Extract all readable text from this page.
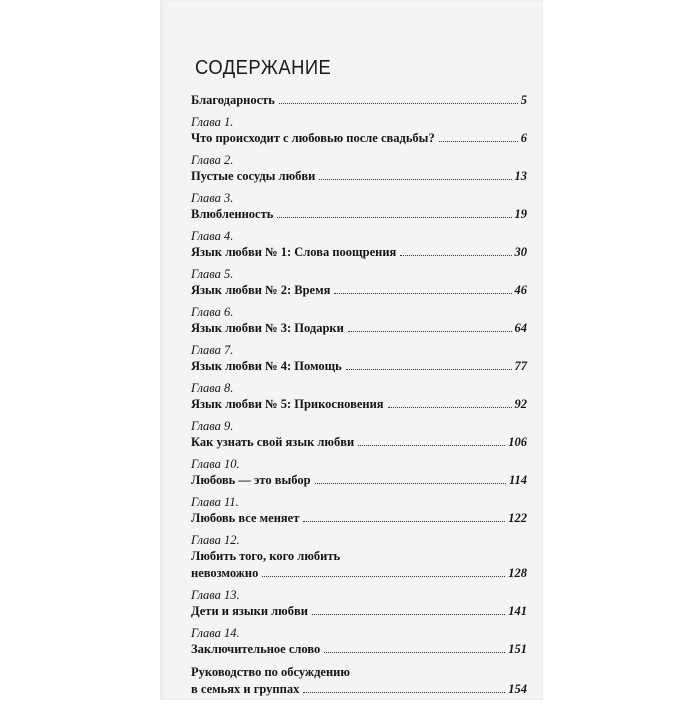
СОДЕРЖАНИЕ
Благодарность	5
Глава 1.
Что происходит с любовью после свадьбы?	6
Глава 2.
Пустые сосуды любви	13
Глава 3.
Влюбленность	19
Глава 4.
Язык любви № 1: Слова поощрения	30
Глава 5.
Язык любви № 2: Время	46
Глава 6.
Язык любви № 3: Подарки	64
Глава 7.
Язык любви № 4: Помощь	77
Глава 8.
Язык любви № 5: Прикосновения	92
Глава 9.
Как узнать свой язык любви	106
Глава 10.
Любовь — это выбор	114
Глава 11.
Любовь все меняет	122
Глава 12.
Любить того, кого любить
невозможно	128
Глава 13.
Дети и языки любви	141
Глава 14.
Заключительное слово	151
Руководство по обсуждению
в семьях и группах	154
